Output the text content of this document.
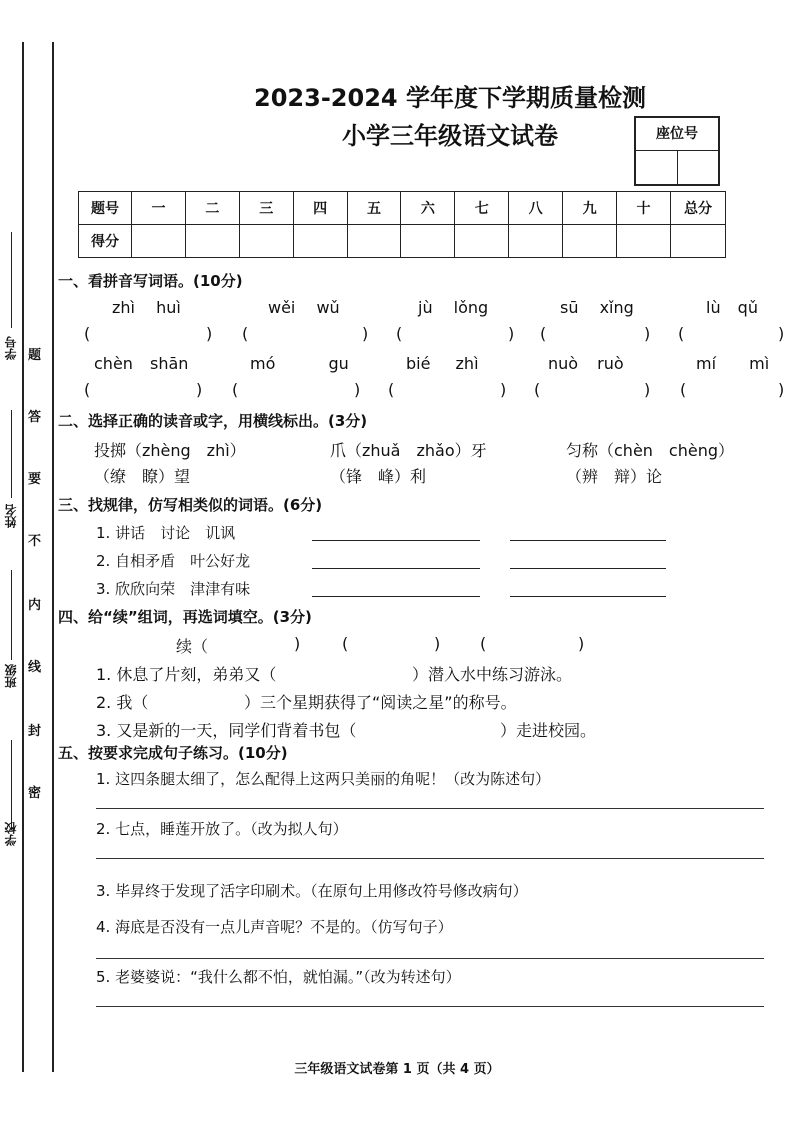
题
答
要
不
内
线
封
密
学号
姓名
班级
学校
2023-2024 学年度下学期质量检测
小学三年级语文试卷	座位号
题号	一	二	三	四	五	六	七	八	九	十	总分
得分											
一、看拼音写词语。(10分)
zhì huì	wěi wǔ	jù lǒng	sū xǐng	lù qǔ
(	) (	) (	) (	) (	)
chèn shān	mó gu	bié zhì	nuò ruò	mí mì
(	) (	) (	) (	) (	)
二、选择正确的读音或字，用横线标出。(3分)
投掷（zhèng　zhì）	爪（zhuǎ　zhǎo）牙	匀称（chèn　chèng）
（缭　瞭）望	（锋　峰）利	（辨　辩）论
三、找规律，仿写相类似的词语。(6分)
1. 讲话　讨论　讥讽
2. 自相矛盾　叶公好龙
3. 欣欣向荣　津津有味
四、给“续”组词，再选词填空。(3分)
续（	)	(	) (	)
1. 休息了片刻，弟弟又（	）潜入水中练习游泳。
2. 我（	）三个星期获得了“阅读之星”的称号。
3. 又是新的一天，同学们背着书包（	）走进校园。
五、按要求完成句子练习。(10分)
1. 这四条腿太细了，怎么配得上这两只美丽的角呢！（改为陈述句）
2. 七点，睡莲开放了。（改为拟人句）
3. 毕昇终于发现了活字印刷术。（在原句上用修改符号修改病句）
4. 海底是否没有一点儿声音呢？不是的。（仿写句子）
5. 老婆婆说：“我什么都不怕，就怕漏。”（改为转述句）
三年级语文试卷第 1 页（共 4 页）
